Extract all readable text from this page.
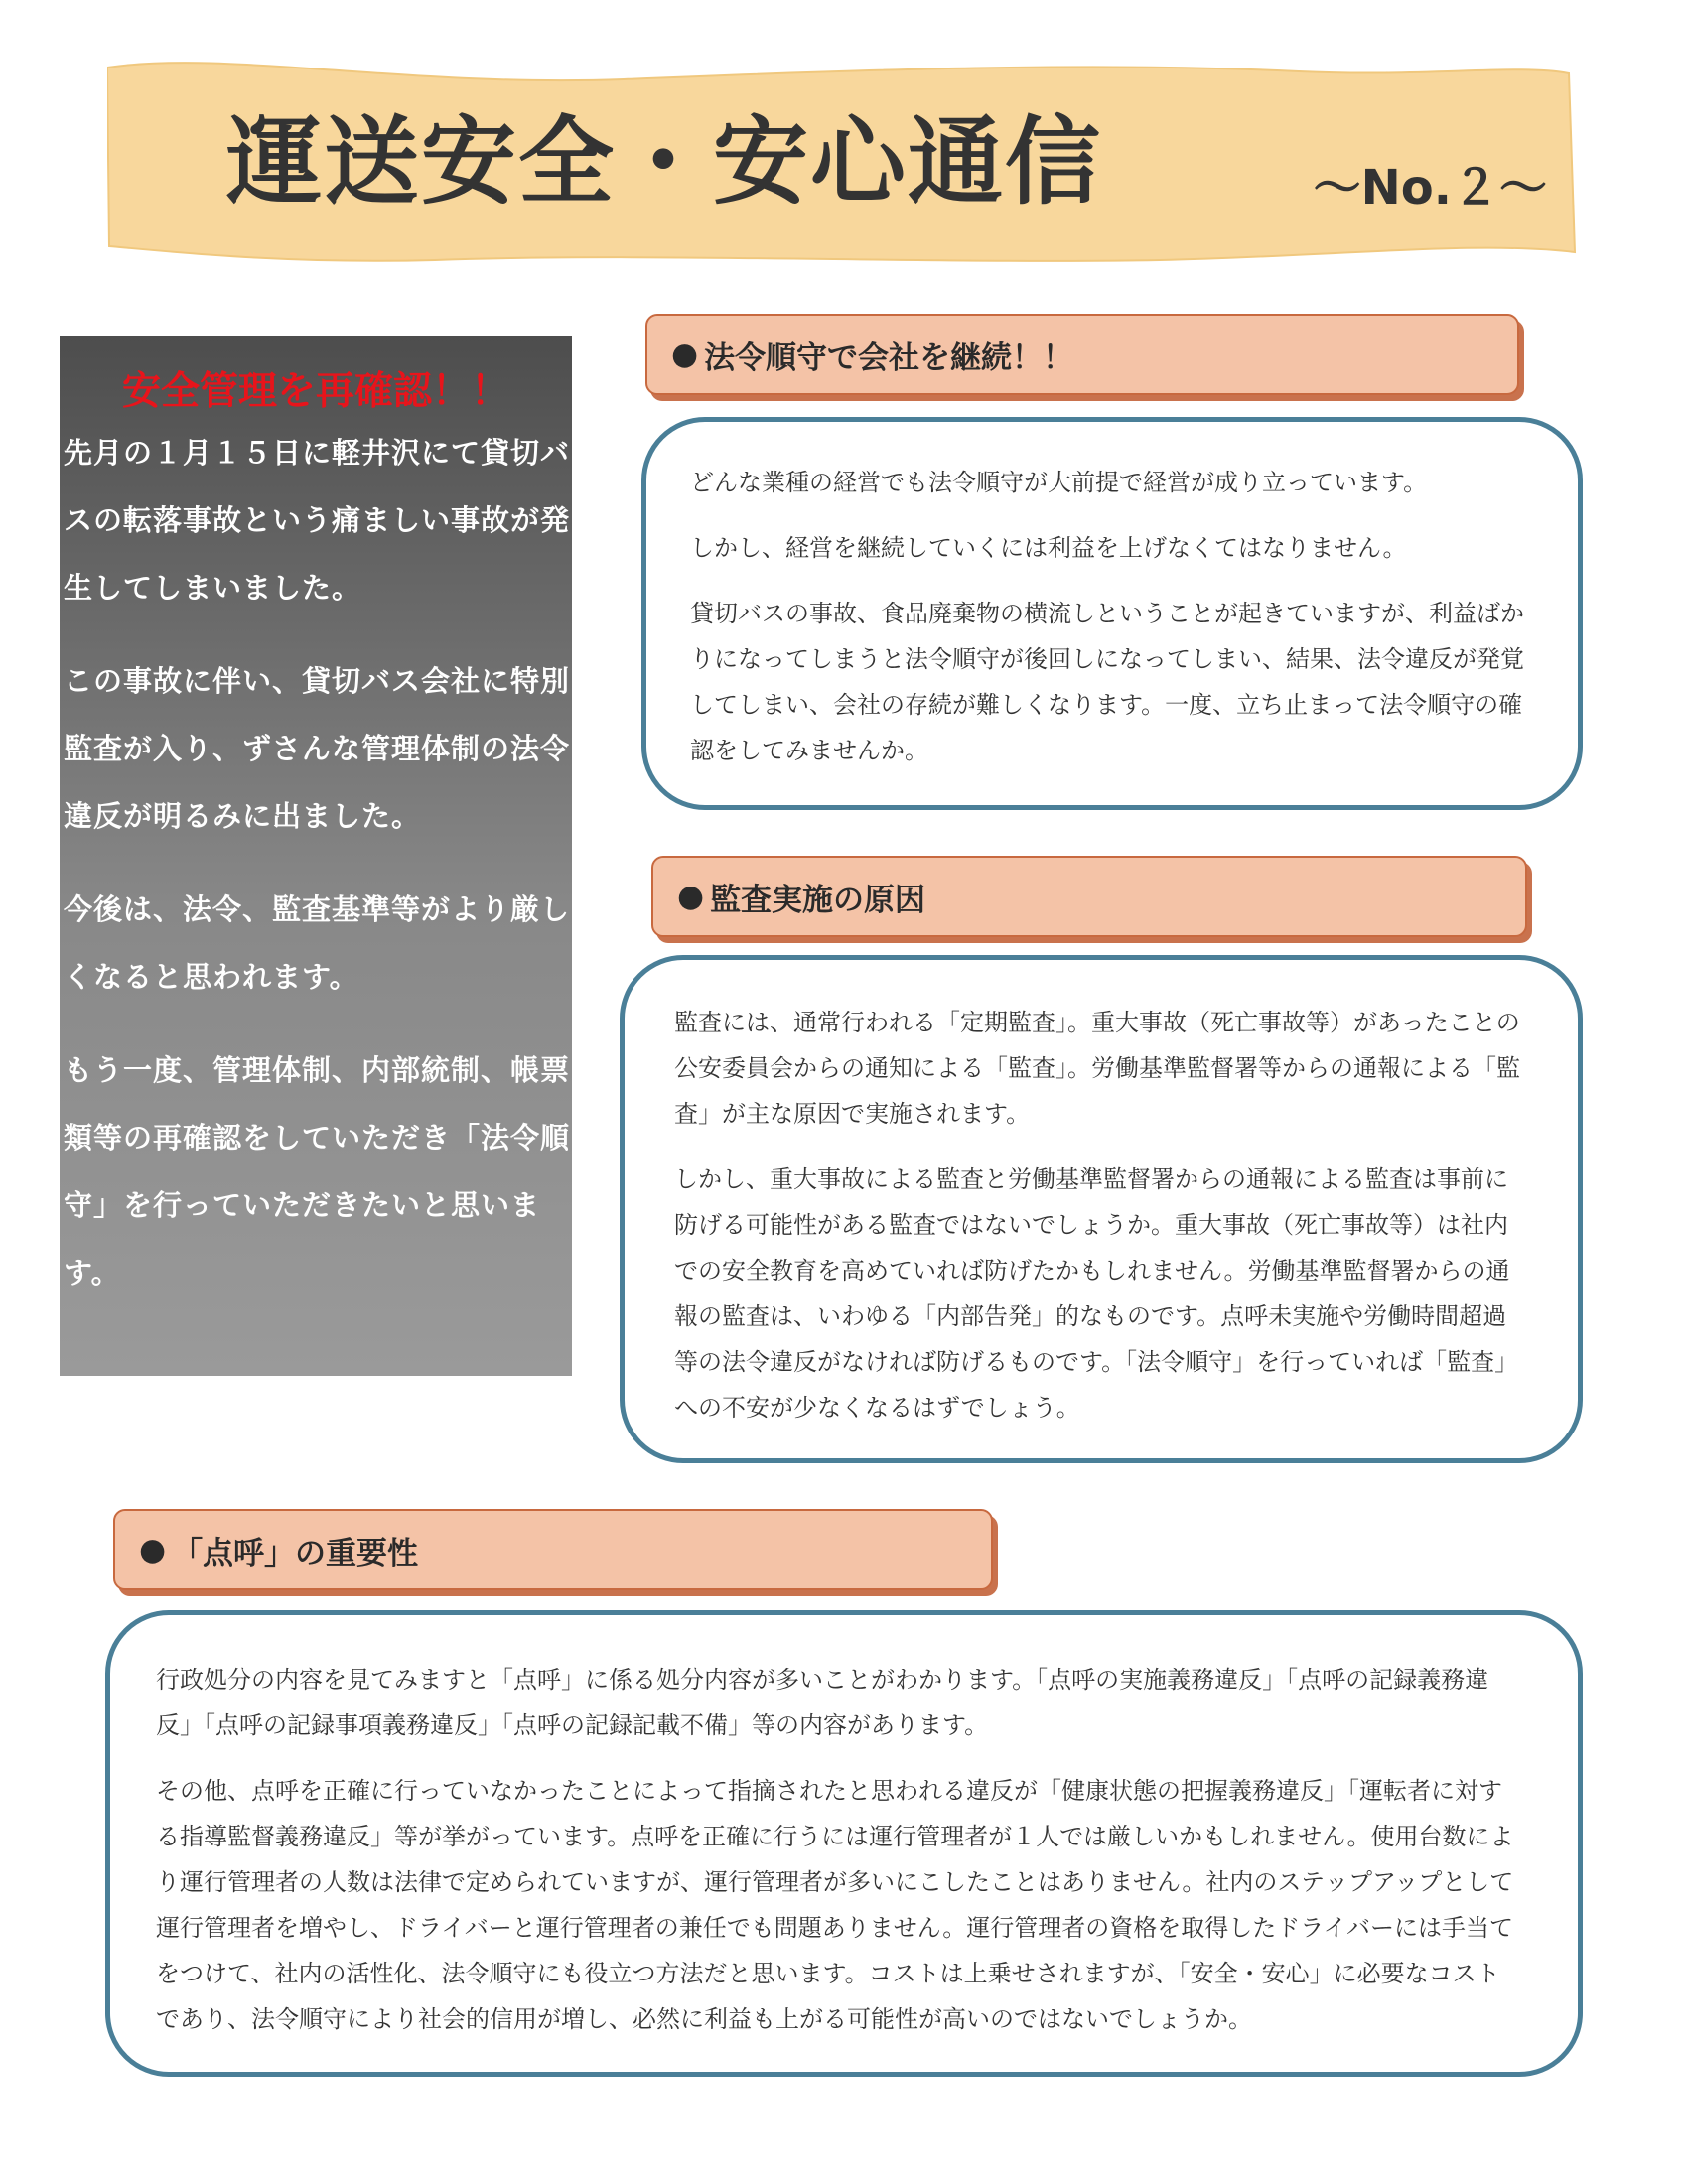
運送安全・安心通信	～No.２～
安全管理を再確認！！

先月の１月１５日に軽井沢にて貸切バスの転落事故という痛ましい事故が発生してしまいました。

この事故に伴い、貸切バス会社に特別監査が入り、ずさんな管理体制の法令違反が明るみに出ました。

今後は、法令、監査基準等がより厳しくなると思われます。

もう一度、管理体制、内部統制、帳票類等の再確認をしていただき「法令順守」を行っていただきたいと思います。

● 法令順守で会社を継続！！

どんな業種の経営でも法令順守が大前提で経営が成り立っています。

しかし、経営を継続していくには利益を上げなくてはなりません。

貸切バスの事故、食品廃棄物の横流しということが起きていますが、利益ばかりになってしまうと法令順守が後回しになってしまい、結果、法令違反が発覚してしまい、会社の存続が難しくなります。一度、立ち止まって法令順守の確認をしてみませんか。

● 監査実施の原因

監査には、通常行われる「定期監査」。重大事故（死亡事故等）があったことの公安委員会からの通知による「監査」。労働基準監督署等からの通報による「監査」が主な原因で実施されます。

しかし、重大事故による監査と労働基準監督署からの通報による監査は事前に防げる可能性がある監査ではないでしょうか。重大事故（死亡事故等）は社内での安全教育を高めていれば防げたかもしれません。労働基準監督署からの通報の監査は、いわゆる「内部告発」的なものです。点呼未実施や労働時間超過等の法令違反がなければ防げるものです。「法令順守」を行っていれば「監査」への不安が少なくなるはずでしょう。

● 「点呼」の重要性

行政処分の内容を見てみますと「点呼」に係る処分内容が多いことがわかります。「点呼の実施義務違反」「点呼の記録義務違反」「点呼の記録事項義務違反」「点呼の記録記載不備」等の内容があります。

その他、点呼を正確に行っていなかったことによって指摘されたと思われる違反が「健康状態の把握義務違反」「運転者に対する指導監督義務違反」等が挙がっています。点呼を正確に行うには運行管理者が１人では厳しいかもしれません。使用台数により運行管理者の人数は法律で定められていますが、運行管理者が多いにこしたことはありません。社内のステップアップとして運行管理者を増やし、ドライバーと運行管理者の兼任でも問題ありません。運行管理者の資格を取得したドライバーには手当てをつけて、社内の活性化、法令順守にも役立つ方法だと思います。コストは上乗せされますが、「安全・安心」に必要なコストであり、法令順守により社会的信用が増し、必然に利益も上がる可能性が高いのではないでしょうか。
